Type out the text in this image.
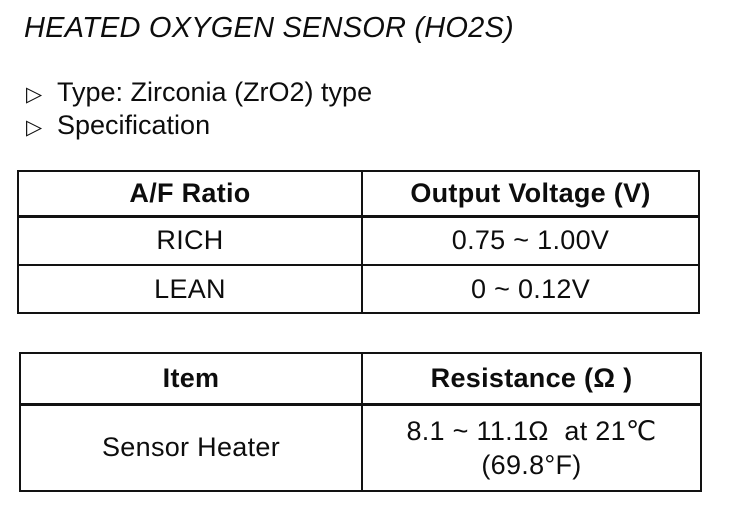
HEATED OXYGEN SENSOR (HO2S)
▷ Type: Zirconia (ZrO2) type
▷ Specification
A/F Ratio	Output Voltage (V)
RICH	0.75 ~ 1.00V
LEAN	0 ~ 0.12V
Item	Resistance (Ω )
Sensor Heater	8.1 ~ 11.1Ω  at 21℃
(69.8°F)
